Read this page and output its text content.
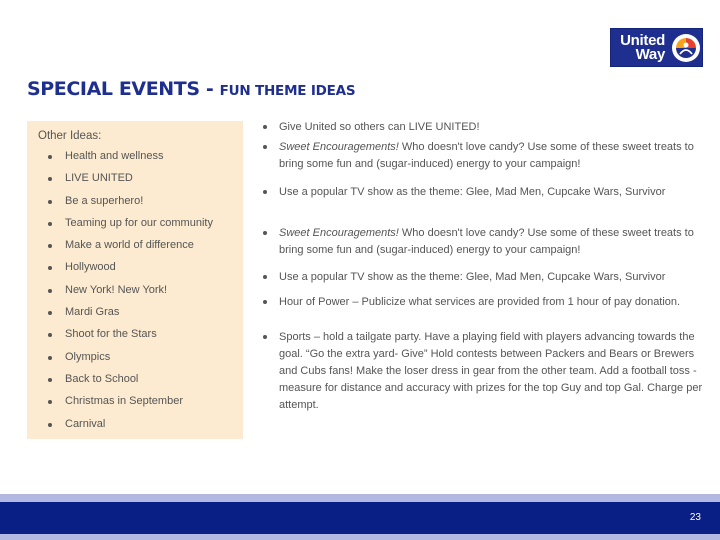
United
Way
SPECIAL EVENTS - FUN THEME IDEAS
Other Ideas:
Health and wellness
LIVE UNITED
Be a superhero!
Teaming up for our community
Make a world of difference
Hollywood
New York! New York!
Mardi Gras
Shoot for the Stars
Olympics
Back to School
Christmas in September
Carnival
Give United so others can LIVE UNITED!
Sweet Encouragements! Who doesn't love candy? Use some of these sweet treats to bring some fun and (sugar-induced) energy to your campaign!
Use a popular TV show as the theme: Glee, Mad Men, Cupcake Wars, Survivor
Sweet Encouragements! Who doesn't love candy? Use some of these sweet treats to bring some fun and (sugar-induced) energy to your campaign!
Use a popular TV show as the theme: Glee, Mad Men, Cupcake Wars, Survivor
Hour of Power – Publicize what services are provided from 1 hour of pay donation.
Sports – hold a tailgate party. Have a playing field with players advancing towards the goal. “Go the extra yard- Give” Hold contests between Packers and Bears or Brewers and Cubs fans! Make the loser dress in gear from the other team. Add a football toss - measure for distance and accuracy with prizes for the top Guy and top Gal. Charge per attempt.
23
